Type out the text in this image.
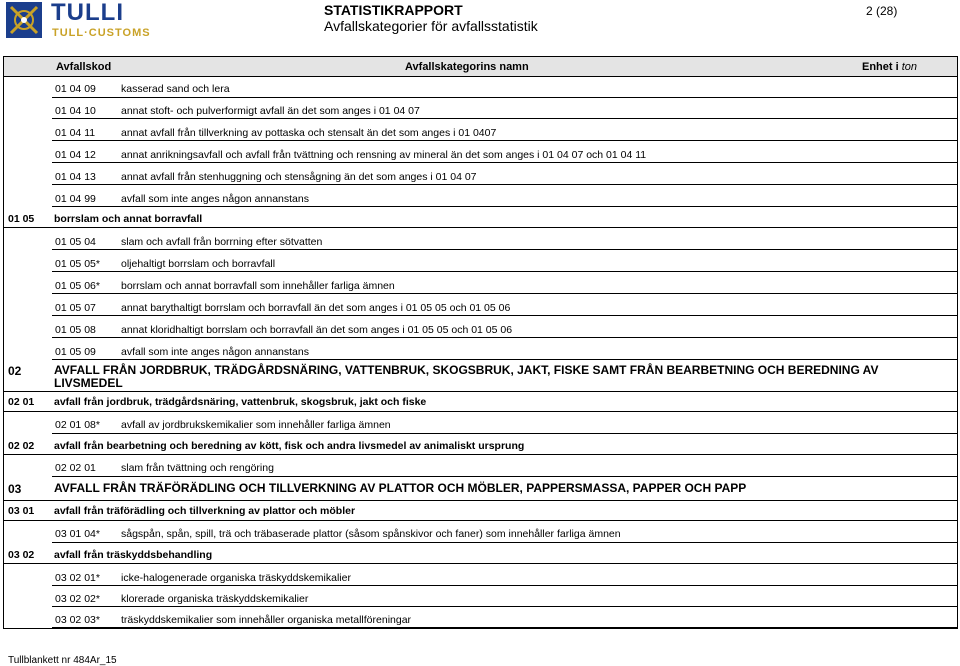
TULLI
TULL·CUSTOMS
STATISTIKRAPPORT
Avfallskategorier för avfallsstatistik
2 (28)
Avfallskod	Avfallskategorins namn	Enhet i ton
01 04 09 kasserad sand och lera
01 04 10 annat stoft- och pulverformigt avfall än det som anges i 01 04 07
01 04 11 annat avfall från tillverkning av pottaska och stensalt än det som anges i 01 0407
01 04 12 annat anrikningsavfall och avfall från tvättning och rensning av mineral än det som anges i 01 04 07 och 01 04 11
01 04 13 annat avfall från stenhuggning och stensågning än det som anges i 01 04 07
01 04 99 avfall som inte anges någon annanstans
01 05 borrslam och annat borravfall
01 05 04 slam och avfall från borrning efter sötvatten
01 05 05* oljehaltigt borrslam och borravfall
01 05 06* borrslam och annat borravfall som innehåller farliga ämnen
01 05 07 annat barythaltigt borrslam och borravfall än det som anges i 01 05 05 och 01 05 06
01 05 08 annat kloridhaltigt borrslam och borravfall än det som anges i 01 05 05 och 01 05 06
01 05 09 avfall som inte anges någon annanstans
02	AVFALL FRÅN JORDBRUK, TRÄDGÅRDSNÄRING, VATTENBRUK, SKOGSBRUK, JAKT, FISKE SAMT FRÅN BEARBETNING OCH BEREDNING AV LIVSMEDEL
02 01 avfall från jordbruk, trädgårdsnäring, vattenbruk, skogsbruk, jakt och fiske
02 01 08* avfall av jordbrukskemikalier som innehåller farliga ämnen
02 02 avfall från bearbetning och beredning av kött, fisk och andra livsmedel av animaliskt ursprung
02 02 01 slam från tvättning och rengöring
03	AVFALL FRÅN TRÄFÖRÄDLING OCH TILLVERKNING AV PLATTOR OCH MÖBLER, PAPPERSMASSA, PAPPER OCH PAPP
03 01 avfall från träförädling och tillverkning av plattor och möbler
03 01 04* sågspån, spån, spill, trä och träbaserade plattor (såsom spånskivor och faner) som innehåller farliga ämnen
03 02 avfall från träskyddsbehandling
03 02 01* icke-halogenerade organiska träskyddskemikalier
03 02 02* klorerade organiska träskyddskemikalier
03 02 03* träskyddskemikalier som innehåller organiska metallföreningar
Tullblankett nr 484Ar_15
